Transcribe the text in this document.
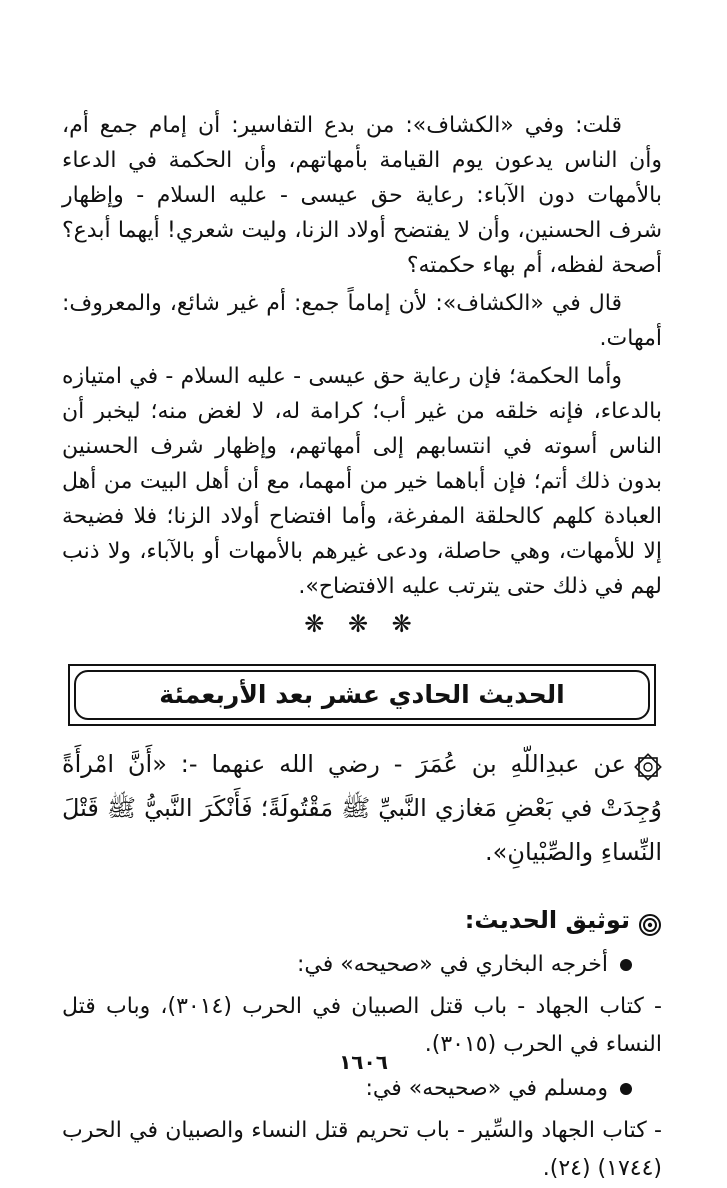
قلت: وفي «الكشاف»: من بدع التفاسير: أن إمام جمع أم، وأن الناس يدعون يوم القيامة بأمهاتهم، وأن الحكمة في الدعاء بالأمهات دون الآباء: رعاية حق عيسى - عليه السلام - وإظهار شرف الحسنين، وأن لا يفتضح أولاد الزنا، وليت شعري! أيهما أبدع؟ أصحة لفظه، أم بهاء حكمته؟

قال في «الكشاف»: لأن إماماً جمع: أم غير شائع، والمعروف: أمهات.

وأما الحكمة؛ فإن رعاية حق عيسى - عليه السلام - في امتيازه بالدعاء، فإنه خلقه من غير أب؛ كرامة له، لا لغض منه؛ ليخبر أن الناس أسوته في انتسابهم إلى أمهاتهم، وإظهار شرف الحسنين بدون ذلك أتم؛ فإن أباهما خير من أمهما، مع أن أهل البيت من أهل العبادة كلهم كالحلقة المفرغة، وأما افتضاح أولاد الزنا؛ فلا فضيحة إلا للأمهات، وهي حاصلة، ودعى غيرهم بالأمهات أو بالآباء، ولا ذنب لهم في ذلك حتى يترتب عليه الافتضاح».

❋ ❋ ❋
الحديث الحادي عشر بعد الأربعمئة

عن عبدِاللّهِ بن عُمَرَ - رضي الله عنهما -: «أَنَّ امْرأَةً وُجِدَتْ في بَعْضِ مَغازي النَّبيِّ ﷺ مَقْتُولَةً؛ فَأَنْكَرَ النَّبيُّ ﷺ قَتْلَ النِّساءِ والصِّبْيانِ».

توثيق الحديث:
أخرجه البخاري في «صحيحه» في:

- كتاب الجهاد - باب قتل الصبيان في الحرب (٣٠١٤)، وباب قتل النساء في الحرب (٣٠١٥).

ومسلم في «صحيحه» في:

- كتاب الجهاد والسِّير - باب تحريم قتل النساء والصبيان في الحرب (١٧٤٤) (٢٤).

١٦٠٦
